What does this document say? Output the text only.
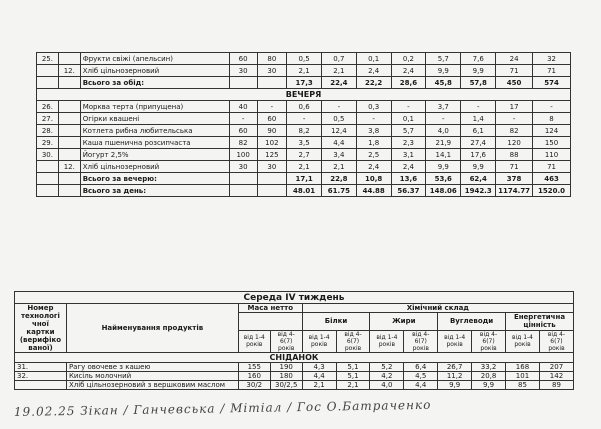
25.		Фрукти свіжі (апельсин)	60	80	0,5	0,7	0,1	0,2	5,7	7,6	24	32
	12.	Хліб цільнозерновий	30	30	2,1	2,1	2,4	2,4	9,9	9,9	71	71
		Всього за обід:			17,3	22,4	22,2	28,6	45,8	57,8	450	574
ВЕЧЕРЯ												
26.		Морква терта (припущена)	40	-	0,6	-	0,3	-	3,7	-	17	-
27.		Огірки квашені	-	60	-	0,5	-	0,1	-	1,4	-	8
28.		Котлета рибна любительська	60	90	8,2	12,4	3,8	5,7	4,0	6,1	82	124
29.		Каша пшенична розсипчаста	82	102	3,5	4,4	1,8	2,3	21,9	27,4	120	150
30.		Йогурт 2,5%	100	125	2,7	3,4	2,5	3,1	14,1	17,6	88	110
	12.	Хліб цільнозерновий	30	30	2,1	2,1	2,4	2,4	9,9	9,9	71	71
		Всього за вечерю:			17,1	22,8	10,8	13,6	53,6	62,4	378	463
		Всього за день:			48.01	61.75	44.88	56.37	148.06	1942.3	1174.77	1520.0
Середа IV тиждень											
Номер технологі чної картки (верифіко ваної)	Найменування продуктів	Маса нетто		Хімічний склад							
				Білки		Жири		Вуглеводи		Енергетична цінність	
		від 1-4 років	від 4-6(7) років	від 1-4 років	від 4-6(7) років	від 1-4 років	від 4-6(7) років	від 1-4 років	від 4-6(7) років	від 1-4 років	від 4-6(7) років
СНІДАНОК											
31.	Рагу овочеве з кашею	155	190	4,3	5,1	5,2	6,4	26,7	33,2	168	207
32.	Кисіль молочний	160	180	4,4	5,1	4,2	4,5	11,2	20,8	101	142
	Хліб цільнозерновий з вершковим маслом	30/2	30/2,5	2,1	2,1	4,0	4,4	9,9	9,9	85	89
19.02.25 Зікан / Ганчевська / Мітіал / Гос О.Батраченко
